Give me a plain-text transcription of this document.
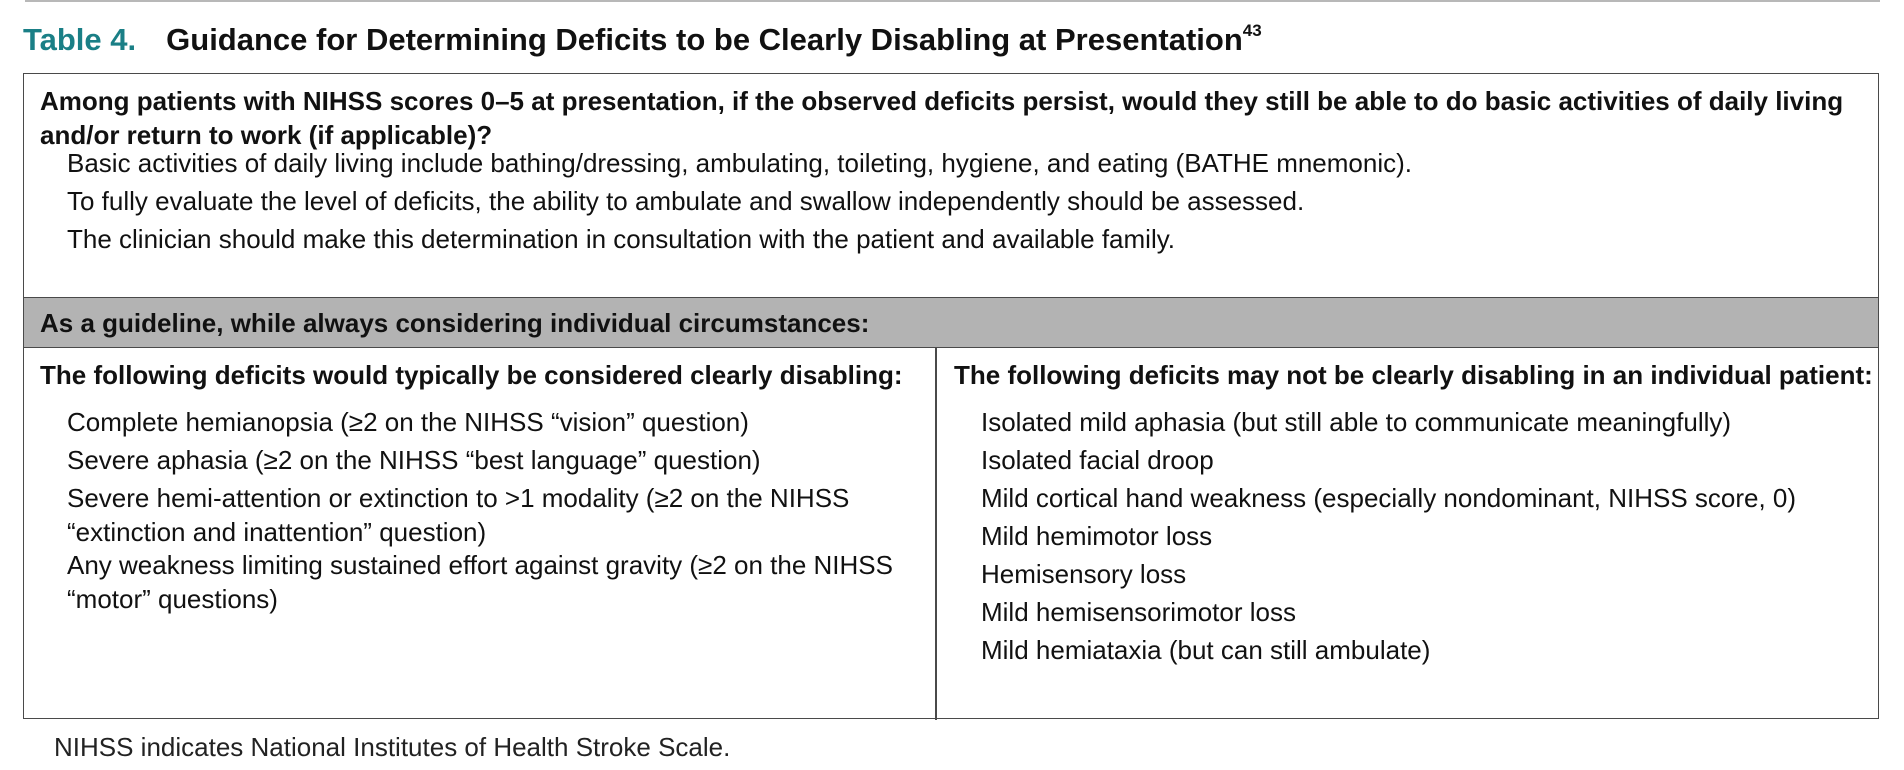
Table 4. Guidance for Determining Deficits to be Clearly Disabling at Presentation$^{43}$
Among patients with NIHSS scores 0–5 at presentation, if the observed deficits persist, would they still be able to do basic activities of daily living and/or return to work (if applicable)?
Basic activities of daily living include bathing/dressing, ambulating, toileting, hygiene, and eating (BATHE mnemonic).
To fully evaluate the level of deficits, the ability to ambulate and swallow independently should be assessed.
The clinician should make this determination in consultation with the patient and available family.
As a guideline, while always considering individual circumstances:
The following deficits would typically be considered clearly disabling:
Complete hemianopsia (≥2 on the NIHSS “vision” question)
Severe aphasia (≥2 on the NIHSS “best language” question)
Severe hemi-attention or extinction to >1 modality (≥2 on the NIHSS “extinction and inattention” question)
Any weakness limiting sustained effort against gravity (≥2 on the NIHSS “motor” questions)
The following deficits may not be clearly disabling in an individual patient:
Isolated mild aphasia (but still able to communicate meaningfully)
Isolated facial droop
Mild cortical hand weakness (especially nondominant, NIHSS score, 0)
Mild hemimotor loss
Hemisensory loss
Mild hemisensorimotor loss
Mild hemiataxia (but can still ambulate)
NIHSS indicates National Institutes of Health Stroke Scale.
